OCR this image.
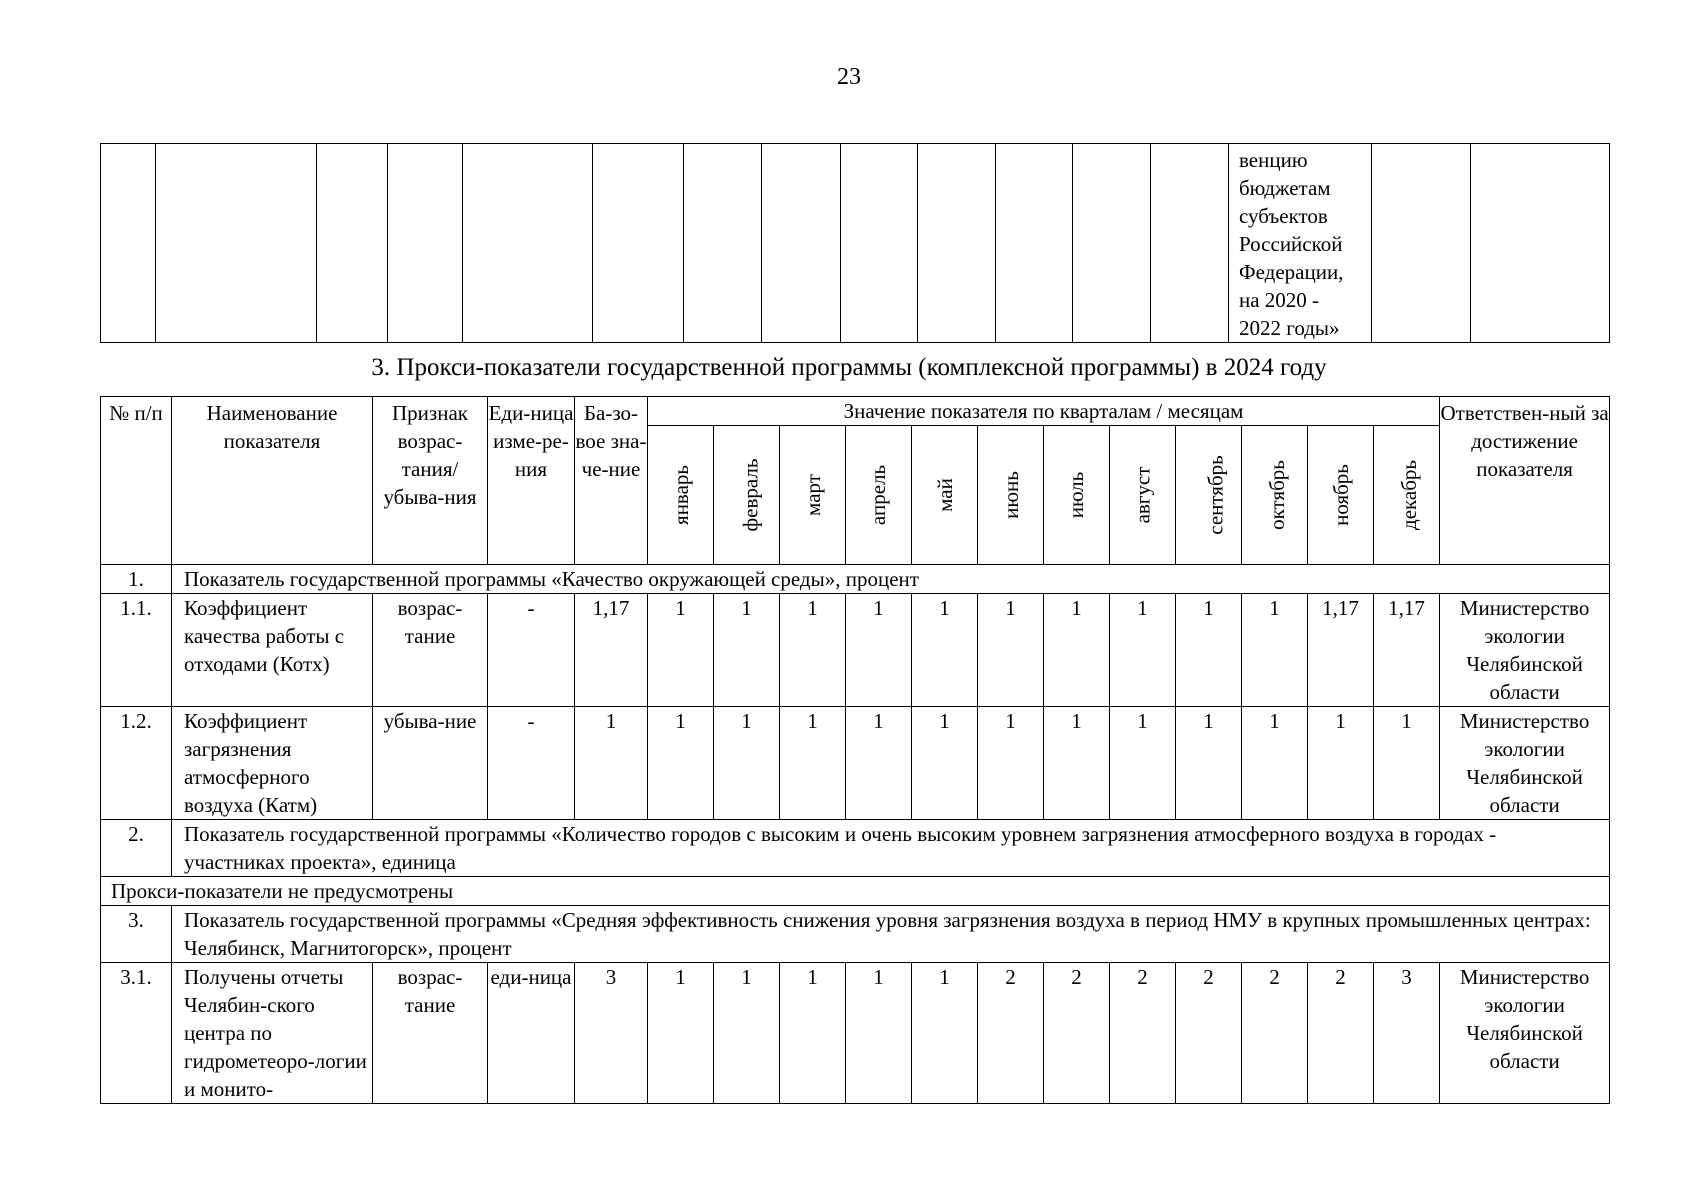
23
													венцию бюджетам субъектов Российской Федерации, на 2020 - 2022 годы»		
3. Прокси-показатели государственной программы (комплексной программы) в 2024 году
№ п/п	Наименование показателя	Признак возрас-тания/ убыва-ния	Еди-ница изме-ре-ния	Ба-зо-вое зна-че-ние	Значение показателя по кварталам / месяцам												Ответствен-ный за достижение показателя
					январь	февраль	март	апрель	май	июнь	июль	август	сентябрь	октябрь	ноябрь	декабрь	
1.	Показатель государственной программы «Качество окружающей среды», процент																
1.1.	Коэффициент качества работы с отходами (Котх)	возрас-тание	-	1,17	1	1	1	1	1	1	1	1	1	1	1,17	1,17	Министерство экологии Челябинской области
1.2.	Коэффициент загрязнения атмосферного воздуха (Катм)	убыва-ние	-	1	1	1	1	1	1	1	1	1	1	1	1	1	Министерство экологии Челябинской области
2.	Показатель государственной программы «Количество городов с высоким и очень высоким уровнем загрязнения атмосферного воздуха в городах - участниках проекта», единица																
Прокси-показатели не предусмотрены																	
3.	Показатель государственной программы «Средняя эффективность снижения уровня загрязнения воздуха в период НМУ в крупных промышленных центрах: Челябинск, Магнитогорск», процент																
3.1.	Получены отчеты Челябин-ского центра по гидрометеоро-логии и монито-	возрас-тание	еди-ница	3	1	1	1	1	1	2	2	2	2	2	2	3	Министерство экологии Челябинской области
